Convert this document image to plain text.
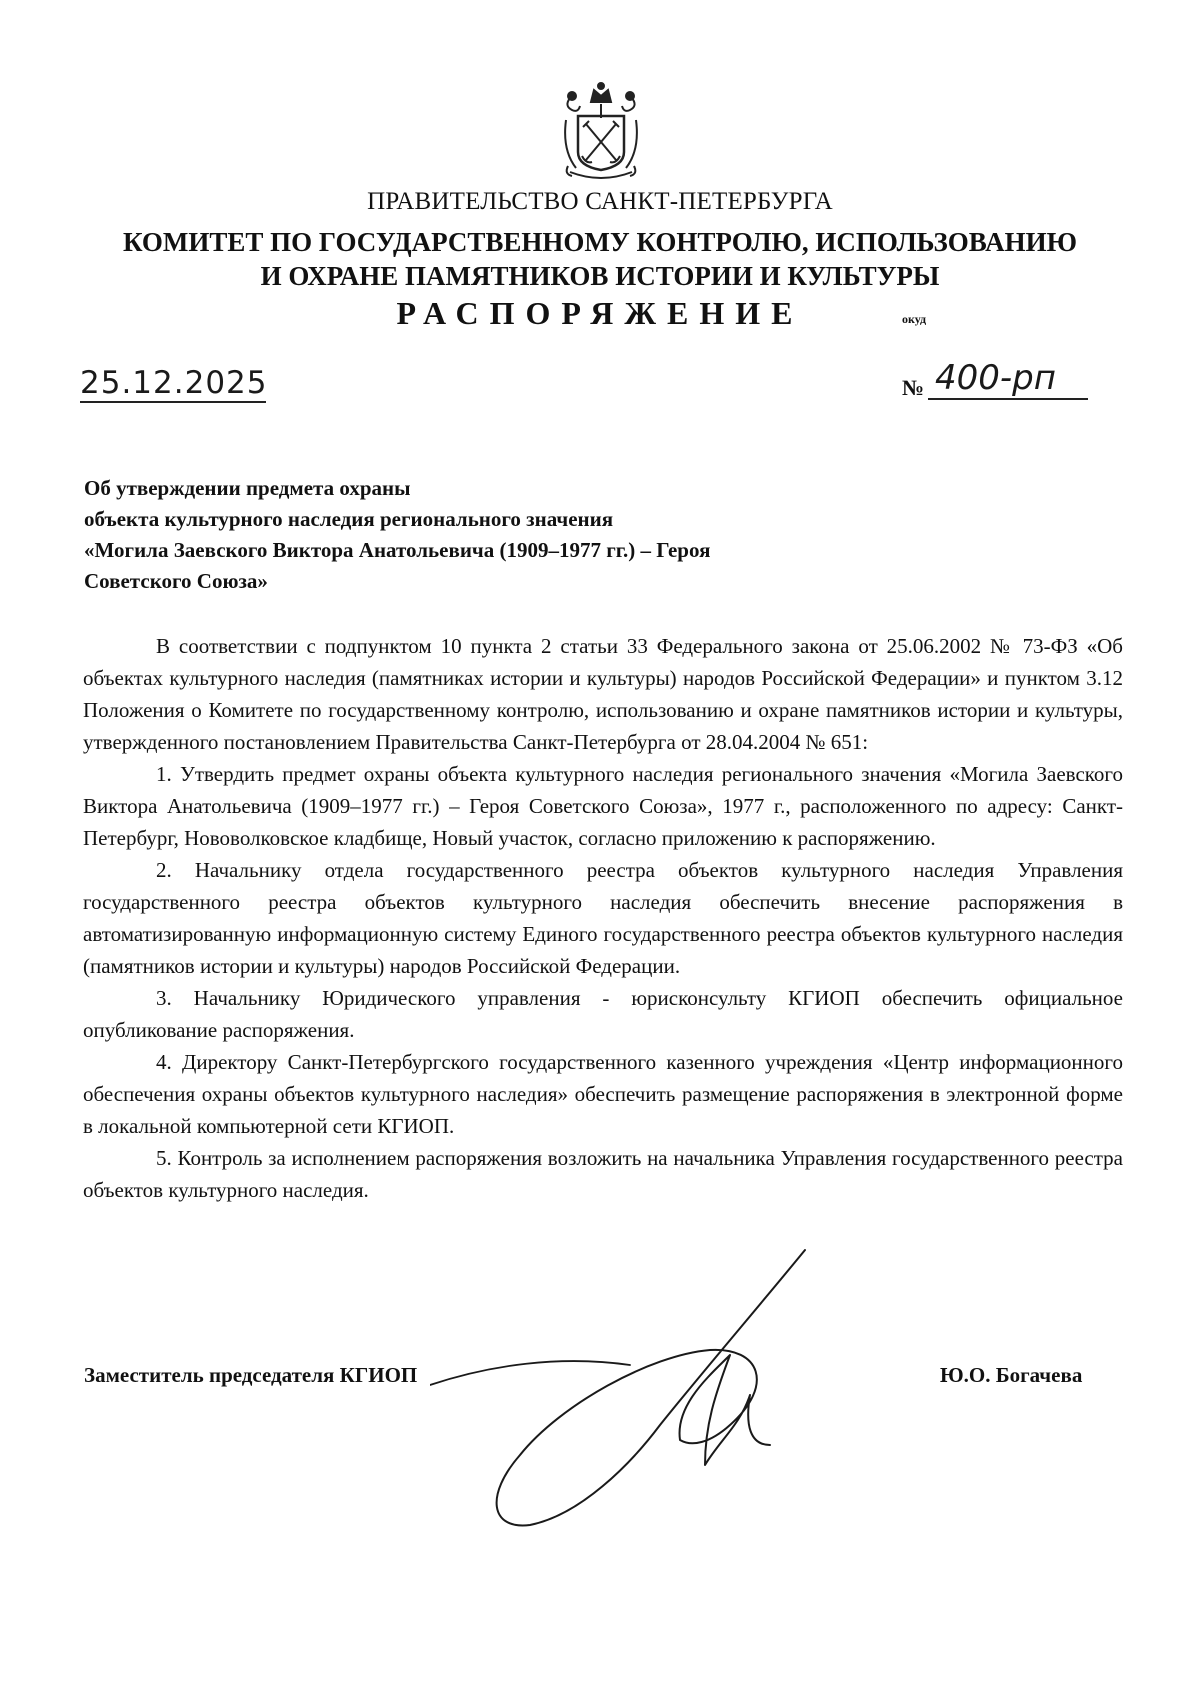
ПРАВИТЕЛЬСТВО САНКТ-ПЕТЕРБУРГА
КОМИТЕТ ПО ГОСУДАРСТВЕННОМУ КОНТРОЛЮ, ИСПОЛЬЗОВАНИЮ
И ОХРАНЕ ПАМЯТНИКОВ ИСТОРИИ И КУЛЬТУРЫ
РАСПОРЯЖЕНИЕ	окуд
25.12.2025	№ 400-рп
Об утверждении предмета охраны
объекта культурного наследия регионального значения
«Могила Заевского Виктора Анатольевича (1909–1977 гг.) – Героя
Советского Союза»

В соответствии с подпунктом 10 пункта 2 статьи 33 Федерального закона от 25.06.2002 № 73-ФЗ «Об объектах культурного наследия (памятниках истории и культуры) народов Российской Федерации» и пунктом 3.12 Положения о Комитете по государственному контролю, использованию и охране памятников истории и культуры, утвержденного постановлением Правительства Санкт-Петербурга от 28.04.2004 № 651:

1. Утвердить предмет охраны объекта культурного наследия регионального значения «Могила Заевского Виктора Анатольевича (1909–1977 гг.) – Героя Советского Союза», 1977 г., расположенного по адресу: Санкт-Петербург, Нововолковское кладбище, Новый участок, согласно приложению к распоряжению.

2. Начальнику отдела государственного реестра объектов культурного наследия Управления государственного реестра объектов культурного наследия обеспечить внесение распоряжения в автоматизированную информационную систему Единого государственного реестра объектов культурного наследия (памятников истории и культуры) народов Российской Федерации.

3. Начальнику Юридического управления - юрисконсульту КГИОП обеспечить официальное опубликование распоряжения.

4. Директору Санкт-Петербургского государственного казенного учреждения «Центр информационного обеспечения охраны объектов культурного наследия» обеспечить размещение распоряжения в электронной форме в локальной компьютерной сети КГИОП.

5. Контроль за исполнением распоряжения возложить на начальника Управления государственного реестра объектов культурного наследия.

Заместитель председателя КГИОП	Ю.О. Богачева
